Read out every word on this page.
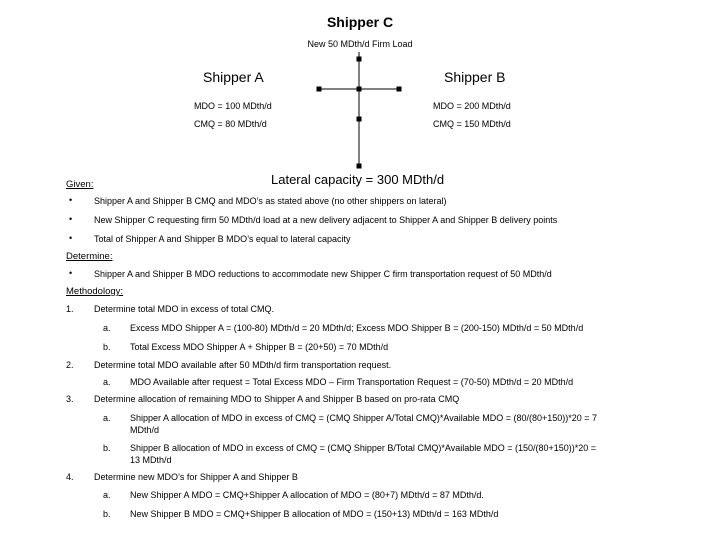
Shipper C
New 50 MDth/d Firm Load
Shipper A
MDO = 100 MDth/d
CMQ = 80 MDth/d
Shipper B
MDO = 200 MDth/d
CMQ = 150 MDth/d
Lateral capacity = 300 MDth/d
Given:
• Shipper A and Shipper B CMQ and MDO’s as stated above (no other shippers on lateral)
• New Shipper C requesting firm 50 MDth/d load at a new delivery adjacent to Shipper A and Shipper B delivery points
• Total of Shipper A and Shipper B MDO’s equal to lateral capacity
Determine:
• Shipper A and Shipper B MDO reductions to accommodate new Shipper C firm transportation request of 50 MDth/d
Methodology:
1. Determine total MDO in excess of total CMQ.
a. Excess MDO Shipper A = (100-80) MDth/d = 20 MDth/d; Excess MDO Shipper B = (200-150) MDth/d = 50 MDth/d
b. Total Excess MDO Shipper A + Shipper B = (20+50) = 70 MDth/d
2. Determine total MDO available after 50 MDth/d firm transportation request.
a. MDO Available after request = Total Excess MDO – Firm Transportation Request = (70-50) MDth/d = 20 MDth/d
3. Determine allocation of remaining MDO to Shipper A and Shipper B based on pro-rata CMQ
a. Shipper A allocation of MDO in excess of CMQ = (CMQ Shipper A/Total CMQ)*Available MDO = (80/(80+150))*20 = 7
MDth/d
b. Shipper B allocation of MDO in excess of CMQ = (CMQ Shipper B/Total CMQ)*Available MDO = (150/(80+150))*20 =
13 MDth/d
4. Determine new MDO’s for Shipper A and Shipper B
a. New Shipper A MDO = CMQ+Shipper A allocation of MDO = (80+7) MDth/d = 87 MDth/d.
b. New Shipper B MDO = CMQ+Shipper B allocation of MDO = (150+13) MDth/d = 163 MDth/d
